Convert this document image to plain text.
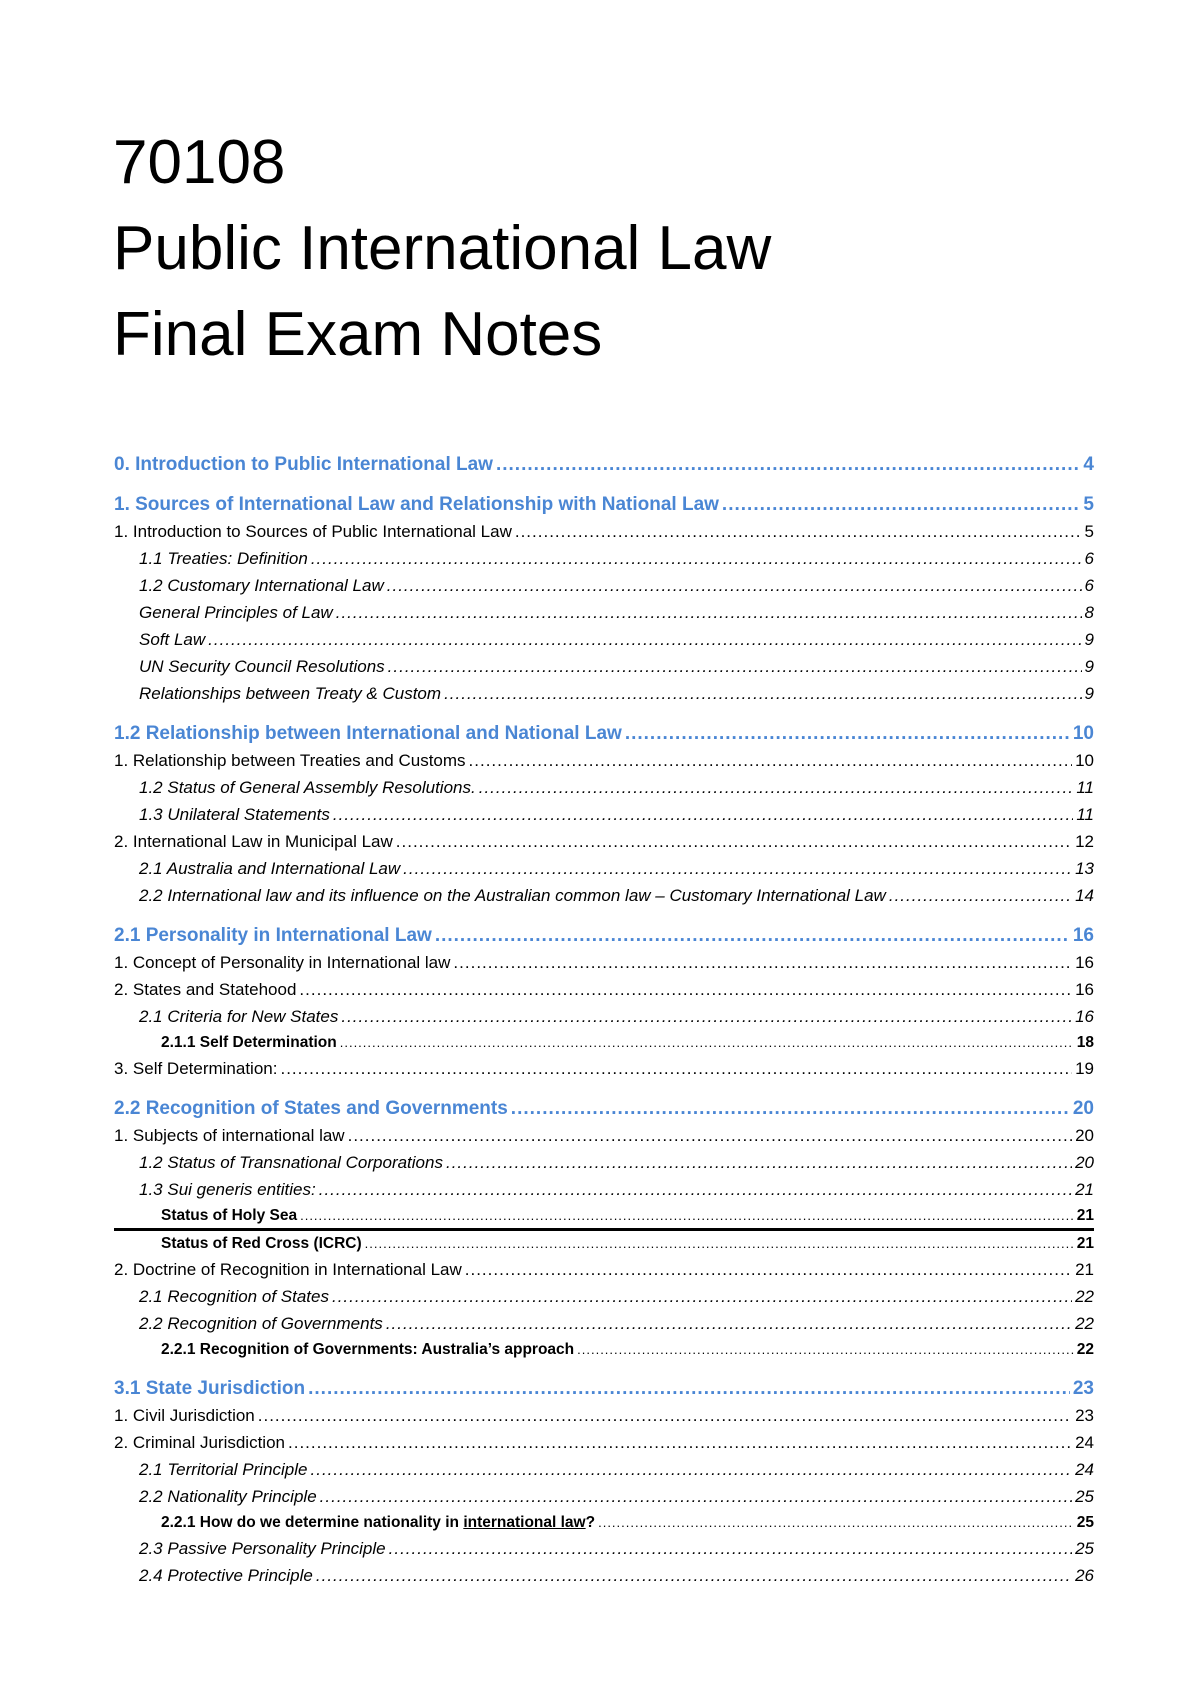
70108
Public International Law
Final Exam Notes
0. Introduction to Public International Law .....	4
1. Sources of International Law and Relationship with National Law .....	5
1. Introduction to Sources of Public International Law .....	5
1.1 Treaties: Definition .....	6
1.2 Customary International Law .....	6
General Principles of Law .....	8
Soft Law .....	9
UN Security Council Resolutions .....	9
Relationships between Treaty & Custom .....	9
1.2 Relationship between International and National Law .....	10
1. Relationship between Treaties and Customs .....	10
1.2 Status of General Assembly Resolutions. .....	11
1.3 Unilateral Statements .....	11
2. International Law in Municipal Law .....	12
2.1 Australia and International Law .....	13
2.2 International law and its influence on the Australian common law – Customary International Law .....	14
2.1 Personality in International Law .....	16
1. Concept of Personality in International law .....	16
2. States and Statehood .....	16
2.1 Criteria for New States .....	16
2.1.1 Self Determination .....	18
3. Self Determination: .....	19
2.2 Recognition of States and Governments .....	20
1. Subjects of international law .....	20
1.2 Status of Transnational Corporations .....	20
1.3 Sui generis entities: .....	21
Status of Holy Sea .....	21
Status of Red Cross (ICRC) .....	21
2. Doctrine of Recognition in International Law .....	21
2.1 Recognition of States .....	22
2.2 Recognition of Governments .....	22
2.2.1 Recognition of Governments: Australia’s approach .....	22
3.1 State Jurisdiction .....	23
1. Civil Jurisdiction .....	23
2. Criminal Jurisdiction .....	24
2.1 Territorial Principle .....	24
2.2 Nationality Principle .....	25
2.2.1 How do we determine nationality in international law? .....	25
2.3 Passive Personality Principle .....	25
2.4 Protective Principle .....	26
